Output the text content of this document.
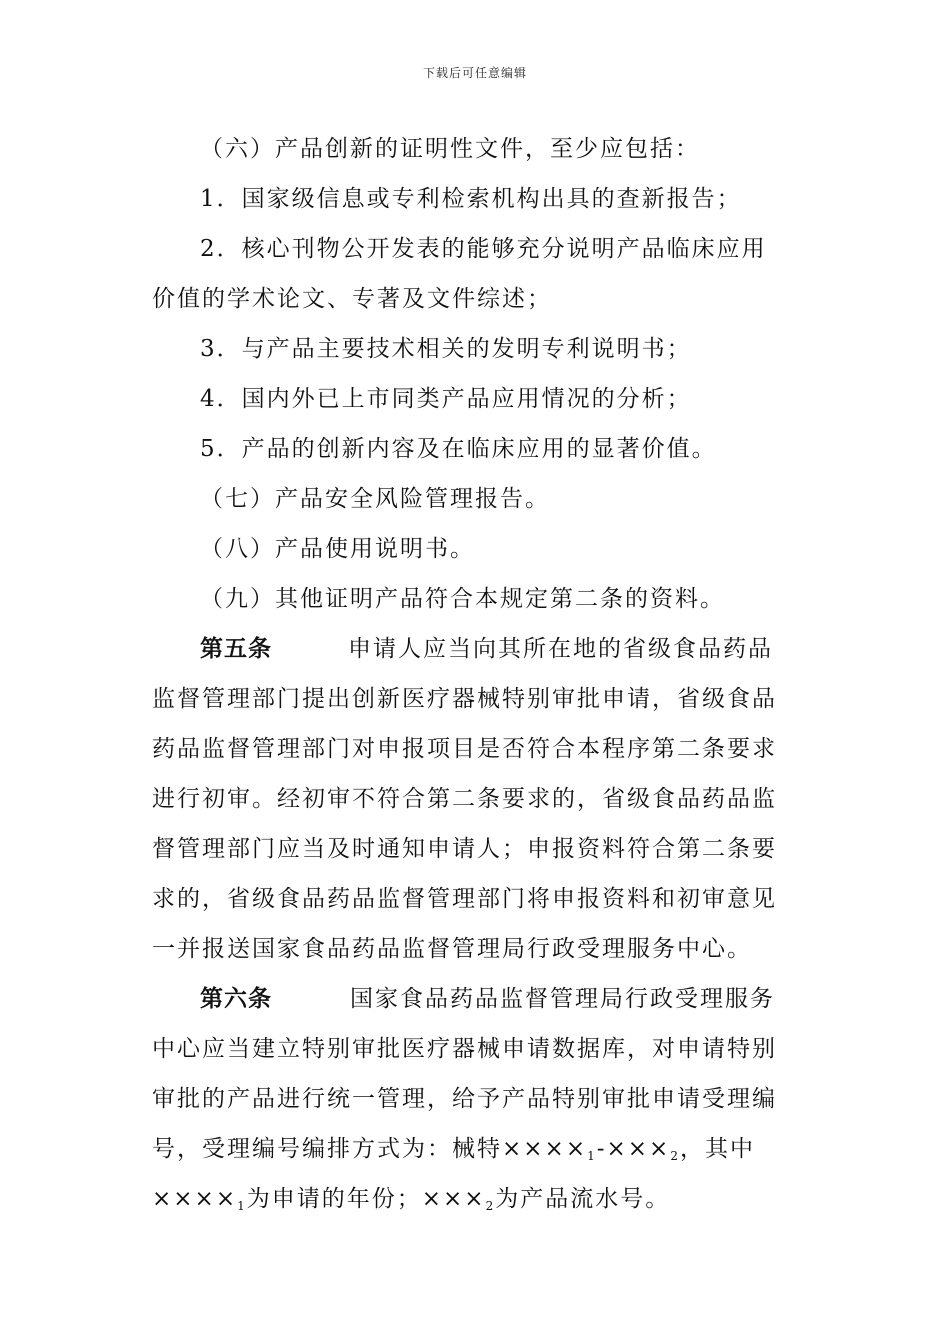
下载后可任意编辑
（六）产品创新的证明性文件，至少应包括：
1．国家级信息或专利检索机构出具的查新报告；
2．核心刊物公开发表的能够充分说明产品临床应用
价值的学术论文、专著及文件综述；
3．与产品主要技术相关的发明专利说明书；
4．国内外已上市同类产品应用情况的分析；
5．产品的创新内容及在临床应用的显著价值。
（七）产品安全风险管理报告。
（八）产品使用说明书。
（九）其他证明产品符合本规定第二条的资料。
第五条	申请人应当向其所在地的省级食品药品
监督管理部门提出创新医疗器械特别审批申请，省级食品
药品监督管理部门对申报项目是否符合本程序第二条要求
进行初审。经初审不符合第二条要求的，省级食品药品监
督管理部门应当及时通知申请人；申报资料符合第二条要
求的，省级食品药品监督管理部门将申报资料和初审意见
一并报送国家食品药品监督管理局行政受理服务中心。
第六条	国家食品药品监督管理局行政受理服务
中心应当建立特别审批医疗器械申请数据库，对申请特别
审批的产品进行统一管理，给予产品特别审批申请受理编
号，受理编号编排方式为：械特$\times\times\times\times_1-\times\times\times_2$，其中
$\times\times\times\times_1$为申请的年份；$\times\times\times_2$为产品流水号。
